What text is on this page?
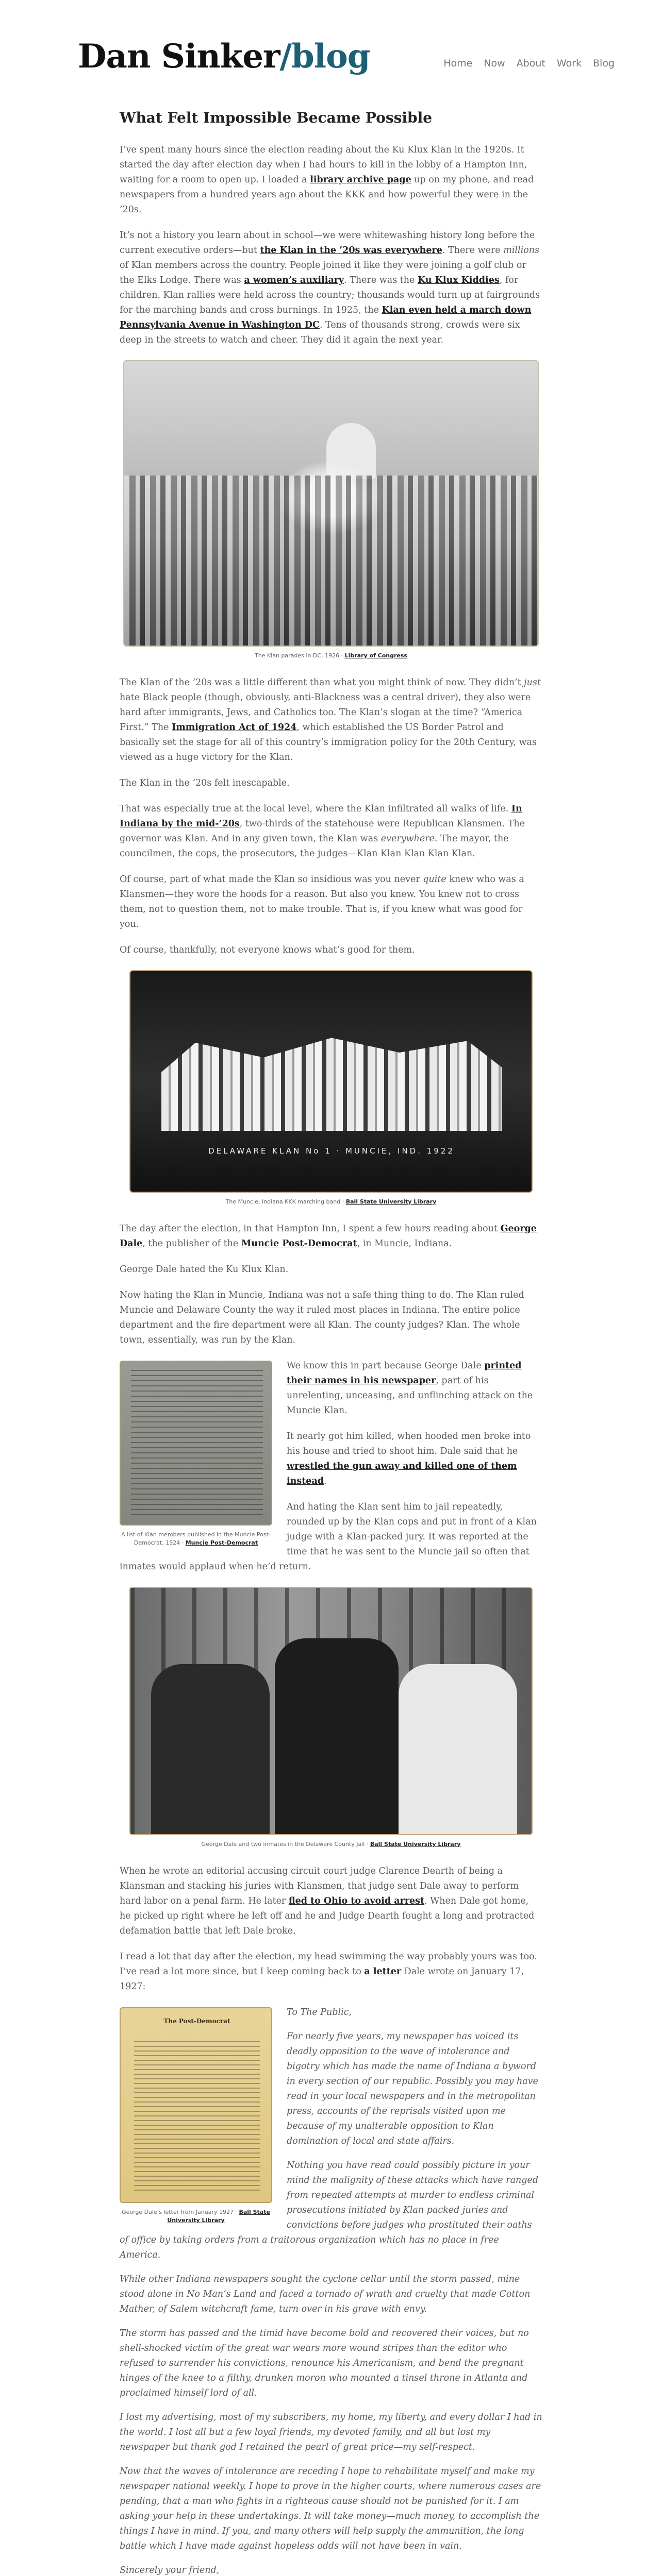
Dan Sinker/blog	Home Now About Work Blog
What Felt Impossible Became Possible

I’ve spent many hours since the election reading about the Ku Klux Klan in the 1920s. It started the day after election day when I had hours to kill in the lobby of a Hampton Inn, waiting for a room to open up. I loaded a library archive page up on my phone, and read newspapers from a hundred years ago about the KKK and how powerful they were in the ’20s.

It’s not a history you learn about in school—we were whitewashing history long before the current executive orders—but the Klan in the ’20s was everywhere. There were millions of Klan members across the country. People joined it like they were joining a golf club or the Elks Lodge. There was a women’s auxiliary. There was the Ku Klux Kiddies, for children. Klan rallies were held across the country; thousands would turn up at fairgrounds for the marching bands and cross burnings. In 1925, the Klan even held a march down Pennsylvania Avenue in Washington DC. Tens of thousands strong, crowds were six deep in the streets to watch and cheer. They did it again the next year.

The Klan parades in DC, 1926 · Library of Congress

The Klan of the ’20s was a little different than what you might think of now. They didn’t just hate Black people (though, obviously, anti-Blackness was a central driver), they also were hard after immigrants, Jews, and Catholics too. The Klan’s slogan at the time? “America First.” The Immigration Act of 1924, which established the US Border Patrol and basically set the stage for all of this country’s immigration policy for the 20th Century, was viewed as a huge victory for the Klan.

The Klan in the ’20s felt inescapable.

That was especially true at the local level, where the Klan infiltrated all walks of life. In Indiana by the mid-’20s, two-thirds of the statehouse were Republican Klansmen. The governor was Klan. And in any given town, the Klan was everywhere. The mayor, the councilmen, the cops, the prosecutors, the judges—Klan Klan Klan Klan Klan.

Of course, part of what made the Klan so insidious was you never quite knew who was a Klansmen—they wore the hoods for a reason. But also you knew. You knew not to cross them, not to question them, not to make trouble. That is, if you knew what was good for you.

Of course, thankfully, not everyone knows what’s good for them.

DELAWARE KLAN No 1 · MUNCIE, IND. 1922
The Muncie, Indiana KKK marching band · Ball State University Library

The day after the election, in that Hampton Inn, I spent a few hours reading about George Dale, the publisher of the Muncie Post-Democrat, in Muncie, Indiana.

George Dale hated the Ku Klux Klan.

Now hating the Klan in Muncie, Indiana was not a safe thing thing to do. The Klan ruled Muncie and Delaware County the way it ruled most places in Indiana. The entire police department and the fire department were all Klan. The county judges? Klan. The whole town, essentially, was run by the Klan.

A list of Klan members published in the Muncie Post-Democrat, 1924 · Muncie Post-Democrat

We know this in part because George Dale printed their names in his newspaper, part of his unrelenting, unceasing, and unflinching attack on the Muncie Klan.

It nearly got him killed, when hooded men broke into his house and tried to shoot him. Dale said that he wrestled the gun away and killed one of them instead.

And hating the Klan sent him to jail repeatedly, rounded up by the Klan cops and put in front of a Klan judge with a Klan-packed jury. It was reported at the time that he was sent to the Muncie jail so often that inmates would applaud when he’d return.

George Dale and two inmates in the Delaware County Jail · Ball State University Library

When he wrote an editorial accusing circuit court judge Clarence Dearth of being a Klansman and stacking his juries with Klansmen, that judge sent Dale away to perform hard labor on a penal farm. He later fled to Ohio to avoid arrest. When Dale got home, he picked up right where he left off and he and Judge Dearth fought a long and protracted defamation battle that left Dale broke.

I read a lot that day after the election, my head swimming the way probably yours was too. I’ve read a lot more since, but I keep coming back to a letter Dale wrote on January 17, 1927:

The Post-Democrat
George Dale’s letter from January 1927 · Ball State University Library

To The Public,

For nearly five years, my newspaper has voiced its deadly opposition to the wave of intolerance and bigotry which has made the name of Indiana a byword in every section of our republic. Possibly you may have read in your local newspapers and in the metropolitan press, accounts of the reprisals visited upon me because of my unalterable opposition to Klan domination of local and state affairs.

Nothing you have read could possibly picture in your mind the malignity of these attacks which have ranged from repeated attempts at murder to endless criminal prosecutions initiated by Klan packed juries and convictions before judges who prostituted their oaths of office by taking orders from a traitorous organization which has no place in free America.

While other Indiana newspapers sought the cyclone cellar until the storm passed, mine stood alone in No Man’s Land and faced a tornado of wrath and cruelty that made Cotton Mather, of Salem witchcraft fame, turn over in his grave with envy.

The storm has passed and the timid have become bold and recovered their voices, but no shell-shocked victim of the great war wears more wound stripes than the editor who refused to surrender his convictions, renounce his Americanism, and bend the pregnant hinges of the knee to a filthy, drunken moron who mounted a tinsel throne in Atlanta and proclaimed himself lord of all.

I lost my advertising, most of my subscribers, my home, my liberty, and every dollar I had in the world. I lost all but a few loyal friends, my devoted family, and all but lost my newspaper but thank god I retained the pearl of great price—my self-respect.

Now that the waves of intolerance are receding I hope to rehabilitate myself and make my newspaper national weekly. I hope to prove in the higher courts, where numerous cases are pending, that a man who fights in a righteous cause should not be punished for it. I am asking your help in these undertakings. It will take money—much money, to accomplish the things I have in mind. If you, and many others will help supply the ammunition, the long battle which I have made against hopeless odds will not have been in vain.

Sincerely your friend,
